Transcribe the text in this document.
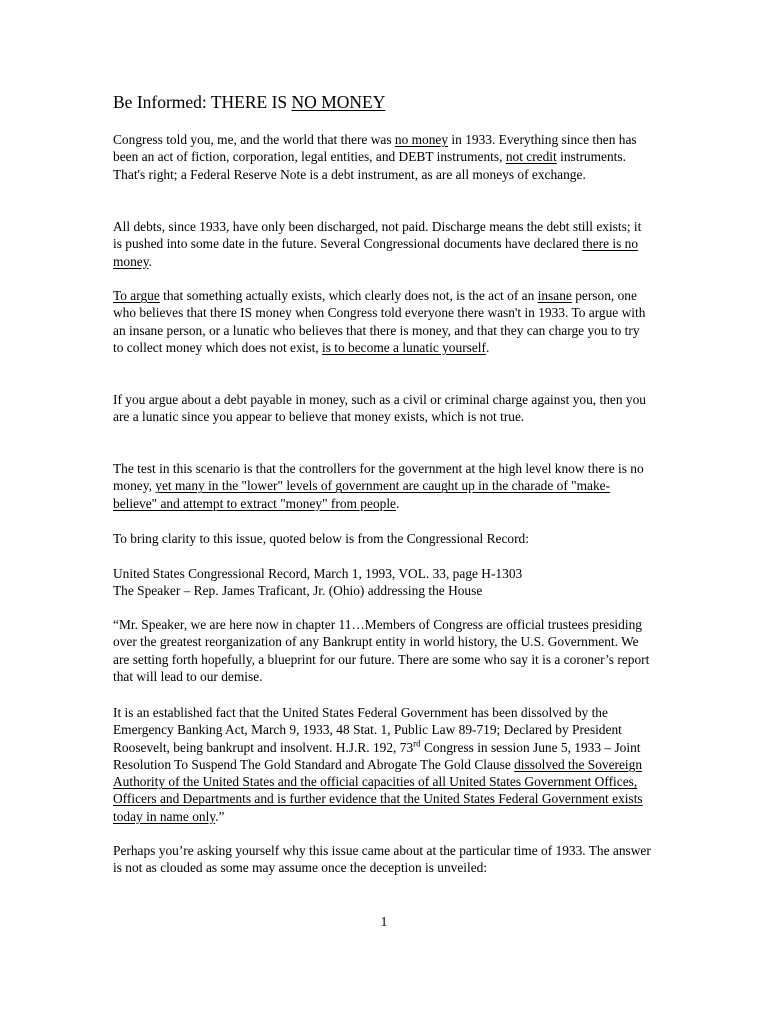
Be Informed: THERE IS NO MONEY

Congress told you, me, and the world that there was no money in 1933. Everything since then has been an act of fiction, corporation, legal entities, and DEBT instruments, not credit instruments. That's right; a Federal Reserve Note is a debt instrument, as are all moneys of exchange.

All debts, since 1933, have only been discharged, not paid. Discharge means the debt still exists; it is pushed into some date in the future. Several Congressional documents have declared there is no money.

To argue that something actually exists, which clearly does not, is the act of an insane person, one who believes that there IS money when Congress told everyone there wasn't in 1933. To argue with an insane person, or a lunatic who believes that there is money, and that they can charge you to try to collect money which does not exist, is to become a lunatic yourself.

If you argue about a debt payable in money, such as a civil or criminal charge against you, then you are a lunatic since you appear to believe that money exists, which is not true.

The test in this scenario is that the controllers for the government at the high level know there is no money, yet many in the "lower" levels of government are caught up in the charade of "make-believe" and attempt to extract "money" from people.

To bring clarity to this issue, quoted below is from the Congressional Record:

United States Congressional Record, March 1, 1993, VOL. 33, page H-1303
The Speaker – Rep. James Traficant, Jr. (Ohio) addressing the House

“Mr. Speaker, we are here now in chapter 11…Members of Congress are official trustees presiding over the greatest reorganization of any Bankrupt entity in world history, the U.S. Government. We are setting forth hopefully, a blueprint for our future. There are some who say it is a coroner’s report that will lead to our demise.

It is an established fact that the United States Federal Government has been dissolved by the Emergency Banking Act, March 9, 1933, 48 Stat. 1, Public Law 89-719; Declared by President Roosevelt, being bankrupt and insolvent. H.J.R. 192, 73rd Congress in session June 5, 1933 – Joint Resolution To Suspend The Gold Standard and Abrogate The Gold Clause dissolved the Sovereign Authority of the United States and the official capacities of all United States Government Offices, Officers and Departments and is further evidence that the United States Federal Government exists today in name only.”

Perhaps you’re asking yourself why this issue came about at the particular time of 1933. The answer is not as clouded as some may assume once the deception is unveiled:

1
